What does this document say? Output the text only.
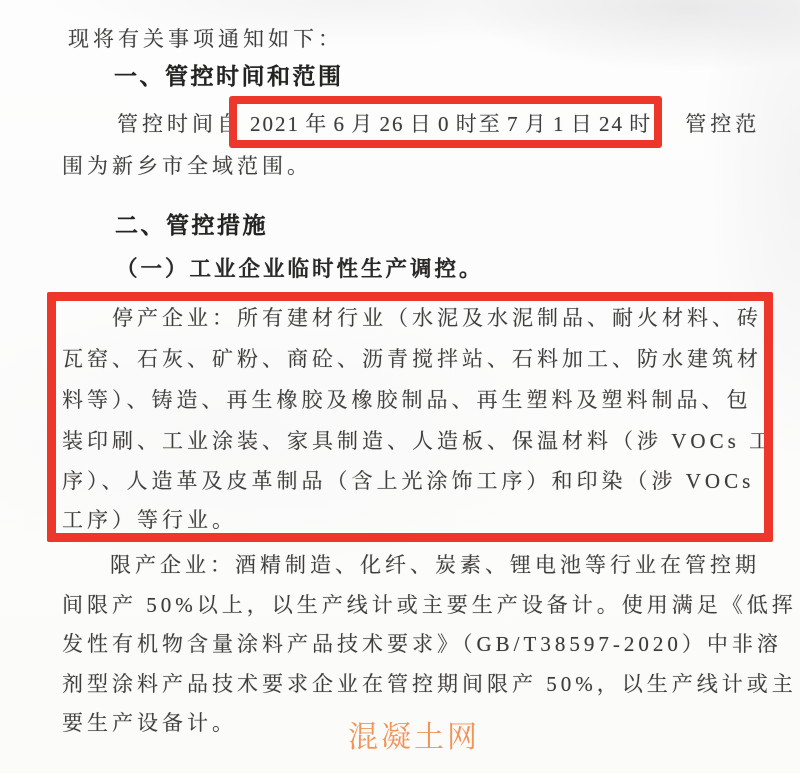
现将有关事项通知如下：
一、管控时间和范围
管控时间自 2021 年 6 月 26 日 0 时至 7 月 1 日 24 时， 管控范
围为新乡市全域范围。
二、管控措施
（一）工业企业临时性生产调控。
停产企业：所有建材行业（水泥及水泥制品、耐火材料、砖
瓦窑、石灰、矿粉、商砼、沥青搅拌站、石料加工、防水建筑材
料等）、铸造、再生橡胶及橡胶制品、再生塑料及塑料制品、包
装印刷、工业涂装、家具制造、人造板、保温材料（涉 VOCs 工
序）、人造革及皮革制品（含上光涂饰工序）和印染（涉 VOCs
工序）等行业。
限产企业：酒精制造、化纤、炭素、锂电池等行业在管控期
间限产 50%以上，以生产线计或主要生产设备计。使用满足《低挥
发性有机物含量涂料产品技术要求》（GB/T38597-2020）中非溶
剂型涂料产品技术要求企业在管控期间限产 50%，以生产线计或主
要生产设备计。	混凝土网
